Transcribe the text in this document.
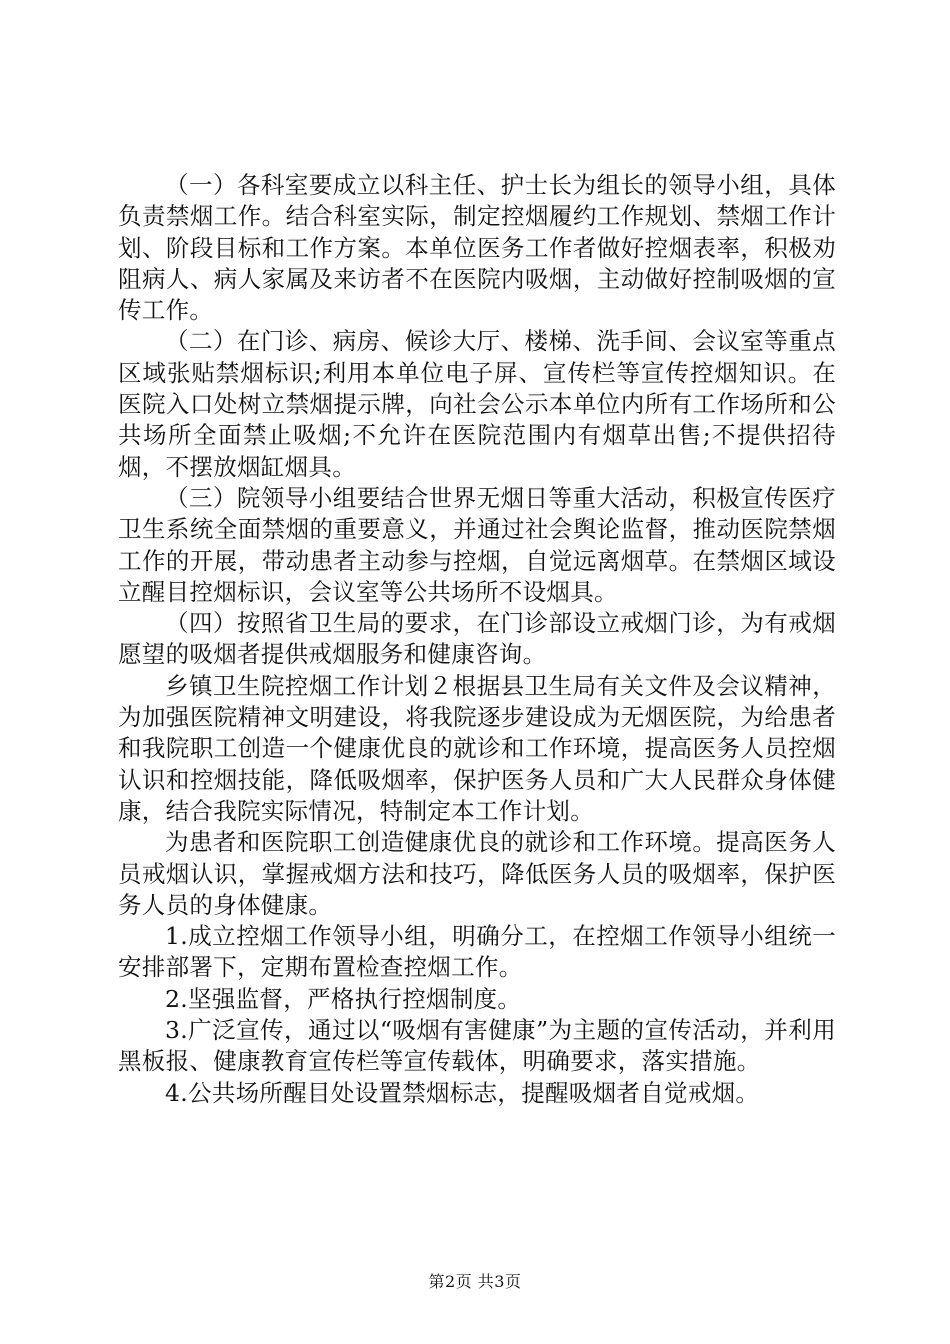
（一）各科室要成立以科主任、护士长为组长的领导小组，具体负责禁烟工作。结合科室实际，制定控烟履约工作规划、禁烟工作计划、阶段目标和工作方案。本单位医务工作者做好控烟表率，积极劝阻病人、病人家属及来访者不在医院内吸烟，主动做好控制吸烟的宣传工作。

（二）在门诊、病房、候诊大厅、楼梯、洗手间、会议室等重点区域张贴禁烟标识;利用本单位电子屏、宣传栏等宣传控烟知识。在医院入口处树立禁烟提示牌，向社会公示本单位内所有工作场所和公共场所全面禁止吸烟;不允许在医院范围内有烟草出售;不提供招待烟，不摆放烟缸烟具。

（三）院领导小组要结合世界无烟日等重大活动，积极宣传医疗卫生系统全面禁烟的重要意义，并通过社会舆论监督，推动医院禁烟工作的开展，带动患者主动参与控烟，自觉远离烟草。在禁烟区域设立醒目控烟标识，会议室等公共场所不设烟具。

（四）按照省卫生局的要求，在门诊部设立戒烟门诊，为有戒烟愿望的吸烟者提供戒烟服务和健康咨询。

乡镇卫生院控烟工作计划２根据县卫生局有关文件及会议精神，为加强医院精神文明建设，将我院逐步建设成为无烟医院，为给患者和我院职工创造一个健康优良的就诊和工作环境，提高医务人员控烟认识和控烟技能，降低吸烟率，保护医务人员和广大人民群众身体健康，结合我院实际情况，特制定本工作计划。

为患者和医院职工创造健康优良的就诊和工作环境。提高医务人员戒烟认识，掌握戒烟方法和技巧，降低医务人员的吸烟率，保护医务人员的身体健康。

1.成立控烟工作领导小组，明确分工，在控烟工作领导小组统一安排部署下，定期布置检查控烟工作。

2.坚强监督，严格执行控烟制度。

3.广泛宣传，通过以“吸烟有害健康”为主题的宣传活动，并利用黑板报、健康教育宣传栏等宣传载体，明确要求，落实措施。

4.公共场所醒目处设置禁烟标志，提醒吸烟者自觉戒烟。

第2页 共3页
